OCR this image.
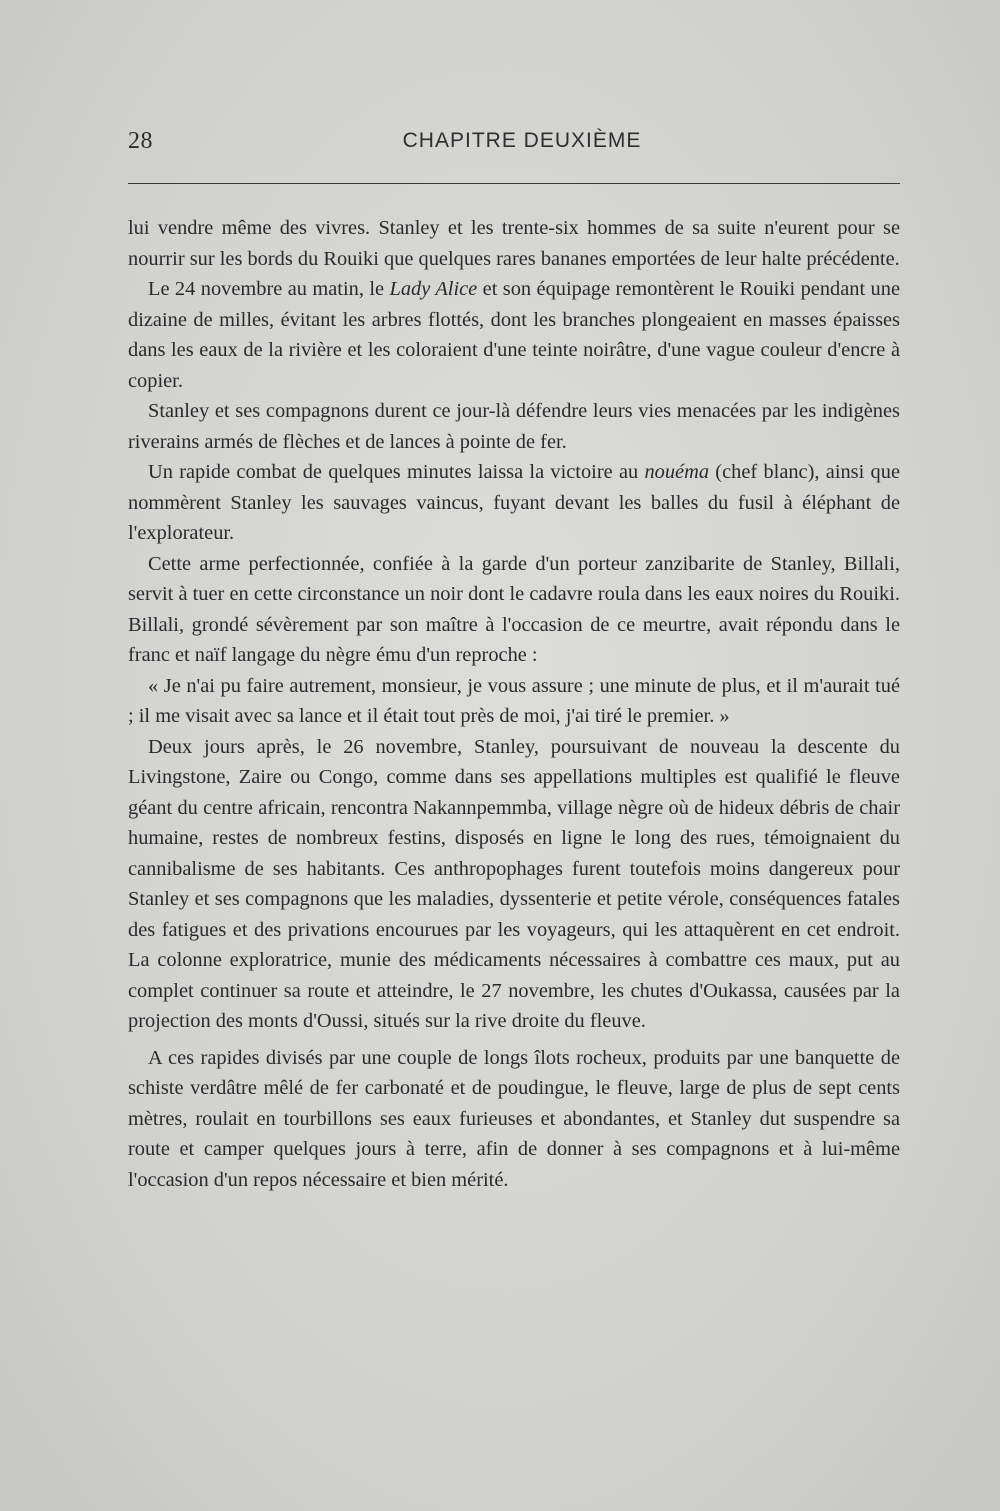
28	CHAPITRE DEUXIÈME

lui vendre même des vivres. Stanley et les trente-six hommes de sa suite n'eurent pour se nourrir sur les bords du Rouiki que quelques rares bananes emportées de leur halte précédente.

Le 24 novembre au matin, le Lady Alice et son équipage remontèrent le Rouiki pendant une dizaine de milles, évitant les arbres flottés, dont les branches plongeaient en masses épaisses dans les eaux de la rivière et les coloraient d'une teinte noirâtre, d'une vague couleur d'encre à copier.

Stanley et ses compagnons durent ce jour-là défendre leurs vies menacées par les indigènes riverains armés de flèches et de lances à pointe de fer.

Un rapide combat de quelques minutes laissa la victoire au nouéma (chef blanc), ainsi que nommèrent Stanley les sauvages vaincus, fuyant devant les balles du fusil à éléphant de l'explorateur.

Cette arme perfectionnée, confiée à la garde d'un porteur zanzibarite de Stanley, Billali, servit à tuer en cette circonstance un noir dont le cadavre roula dans les eaux noires du Rouiki. Billali, grondé sévèrement par son maître à l'occasion de ce meurtre, avait répondu dans le franc et naïf langage du nègre ému d'un reproche :

« Je n'ai pu faire autrement, monsieur, je vous assure ; une minute de plus, et il m'aurait tué ; il me visait avec sa lance et il était tout près de moi, j'ai tiré le premier. »

Deux jours après, le 26 novembre, Stanley, poursuivant de nouveau la descente du Livingstone, Zaire ou Congo, comme dans ses appellations multiples est qualifié le fleuve géant du centre africain, rencontra Nakannpemmba, village nègre où de hideux débris de chair humaine, restes de nombreux festins, disposés en ligne le long des rues, témoignaient du cannibalisme de ses habitants. Ces anthropophages furent toutefois moins dangereux pour Stanley et ses compagnons que les maladies, dyssenterie et petite vérole, conséquences fatales des fatigues et des privations encourues par les voyageurs, qui les attaquèrent en cet endroit. La colonne exploratrice, munie des médicaments nécessaires à combattre ces maux, put au complet continuer sa route et atteindre, le 27 novembre, les chutes d'Oukassa, causées par la projection des monts d'Oussi, situés sur la rive droite du fleuve.

A ces rapides divisés par une couple de longs îlots rocheux, produits par une banquette de schiste verdâtre mêlé de fer carbonaté et de poudingue, le fleuve, large de plus de sept cents mètres, roulait en tourbillons ses eaux furieuses et abondantes, et Stanley dut suspendre sa route et camper quelques jours à terre, afin de donner à ses compagnons et à lui-même l'occasion d'un repos nécessaire et bien mérité.
